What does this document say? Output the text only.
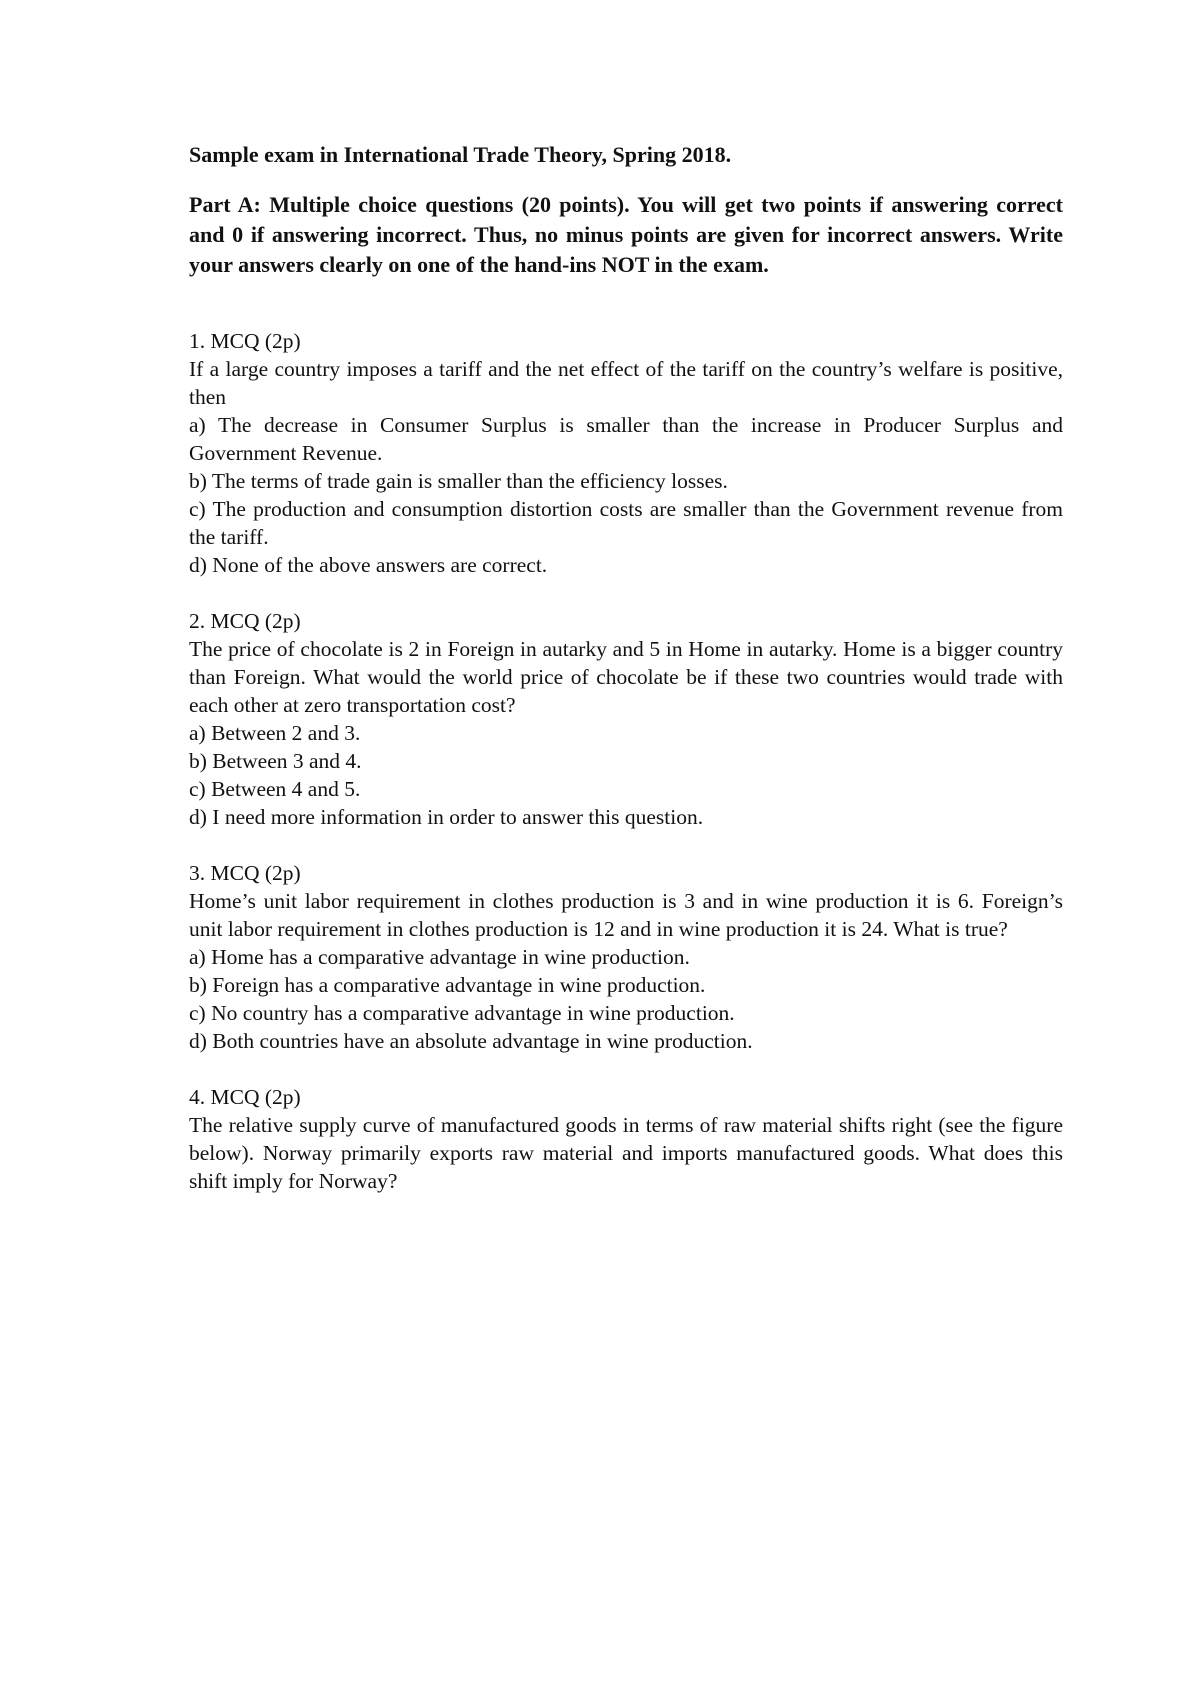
Sample exam in International Trade Theory, Spring 2018.

Part A: Multiple choice questions (20 points). You will get two points if answering correct and 0 if answering incorrect. Thus, no minus points are given for incorrect answers. Write your answers clearly on one of the hand-ins NOT in the exam.

1. MCQ (2p)

If a large country imposes a tariff and the net effect of the tariff on the country’s welfare is positive, then

a) The decrease in Consumer Surplus is smaller than the increase in Producer Surplus and Government Revenue.

b) The terms of trade gain is smaller than the efficiency losses.

c) The production and consumption distortion costs are smaller than the Government revenue from the tariff.

d) None of the above answers are correct.

2. MCQ (2p)

The price of chocolate is 2 in Foreign in autarky and 5 in Home in autarky. Home is a bigger country than Foreign. What would the world price of chocolate be if these two countries would trade with each other at zero transportation cost?

a) Between 2 and 3.

b) Between 3 and 4.

c) Between 4 and 5.

d) I need more information in order to answer this question.

3. MCQ (2p)

Home’s unit labor requirement in clothes production is 3 and in wine production it is 6. Foreign’s unit labor requirement in clothes production is 12 and in wine production it is 24. What is true?

a) Home has a comparative advantage in wine production.

b) Foreign has a comparative advantage in wine production.

c) No country has a comparative advantage in wine production.

d) Both countries have an absolute advantage in wine production.

4. MCQ (2p)

The relative supply curve of manufactured goods in terms of raw material shifts right (see the figure below). Norway primarily exports raw material and imports manufactured goods. What does this shift imply for Norway?
